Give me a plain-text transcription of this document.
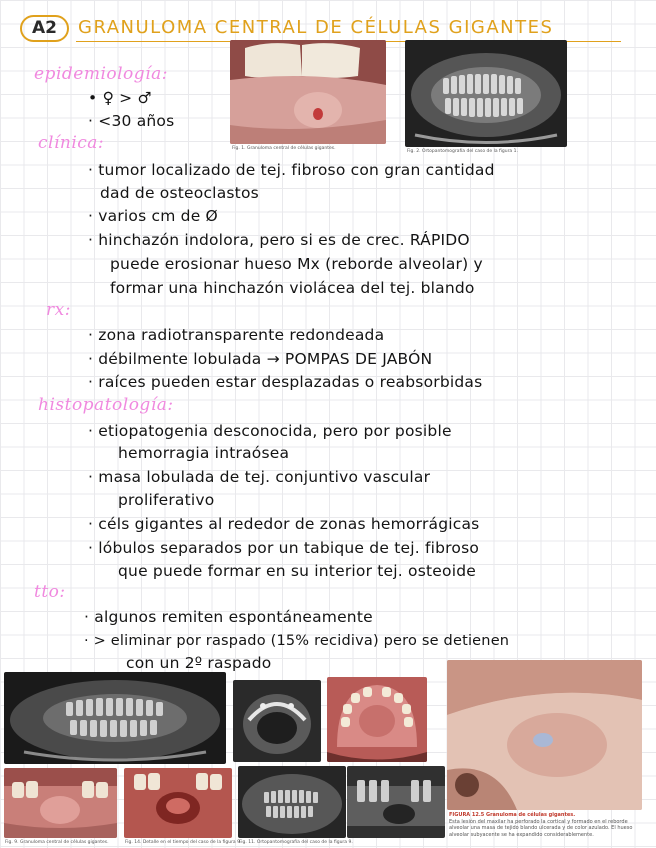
A2	GRANULOMA CENTRAL DE CÉLULAS GIGANTES
Fig. 1. Granuloma central de células gigantes.
Fig. 2. Ortopantomografía del caso de la figura 1.
epidemiología:
• ♀ > ♂
· <30 años
clínica:
· tumor localizado de tej. fibroso con gran cantidad
dad de osteoclastos
· varios cm de Ø
· hinchazón indolora, pero si es de crec. RÁPIDO
puede erosionar hueso Mx (reborde alveolar) y
formar una hinchazón violácea del tej. blando
rx:
· zona radiotransparente redondeada
· débilmente lobulada → POMPAS DE JABÓN
· raíces pueden estar desplazadas o reabsorbidas
histopatología:
· etiopatogenia desconocida, pero por posible
hemorragia intraósea
· masa lobulada de tej. conjuntivo vascular
proliferativo
· céls gigantes al rededor de zonas hemorrágicas
· lóbulos separados por un tabique de tej. fibroso
que puede formar en su interior tej. osteoide
tto:
· algunos remiten espontáneamente
· > eliminar por raspado (15% recidiva) pero se detienen
con un 2º raspado
FIGURA 12.5 Granuloma de células gigantes.
Esta lesión del maxilar ha perforado la cortical y formado en el reborde alveolar una masa de tejido blando ulcerada y de color azulado. El hueso alveolar subyacente se ha expandido considerablemente.
Fig. 9. Granuloma central de células gigantes.	Fig. 14. Detalle en el tiempo del caso de la figura 9.
Fig. 11. Ortopantomografía del caso de la figura 9.
